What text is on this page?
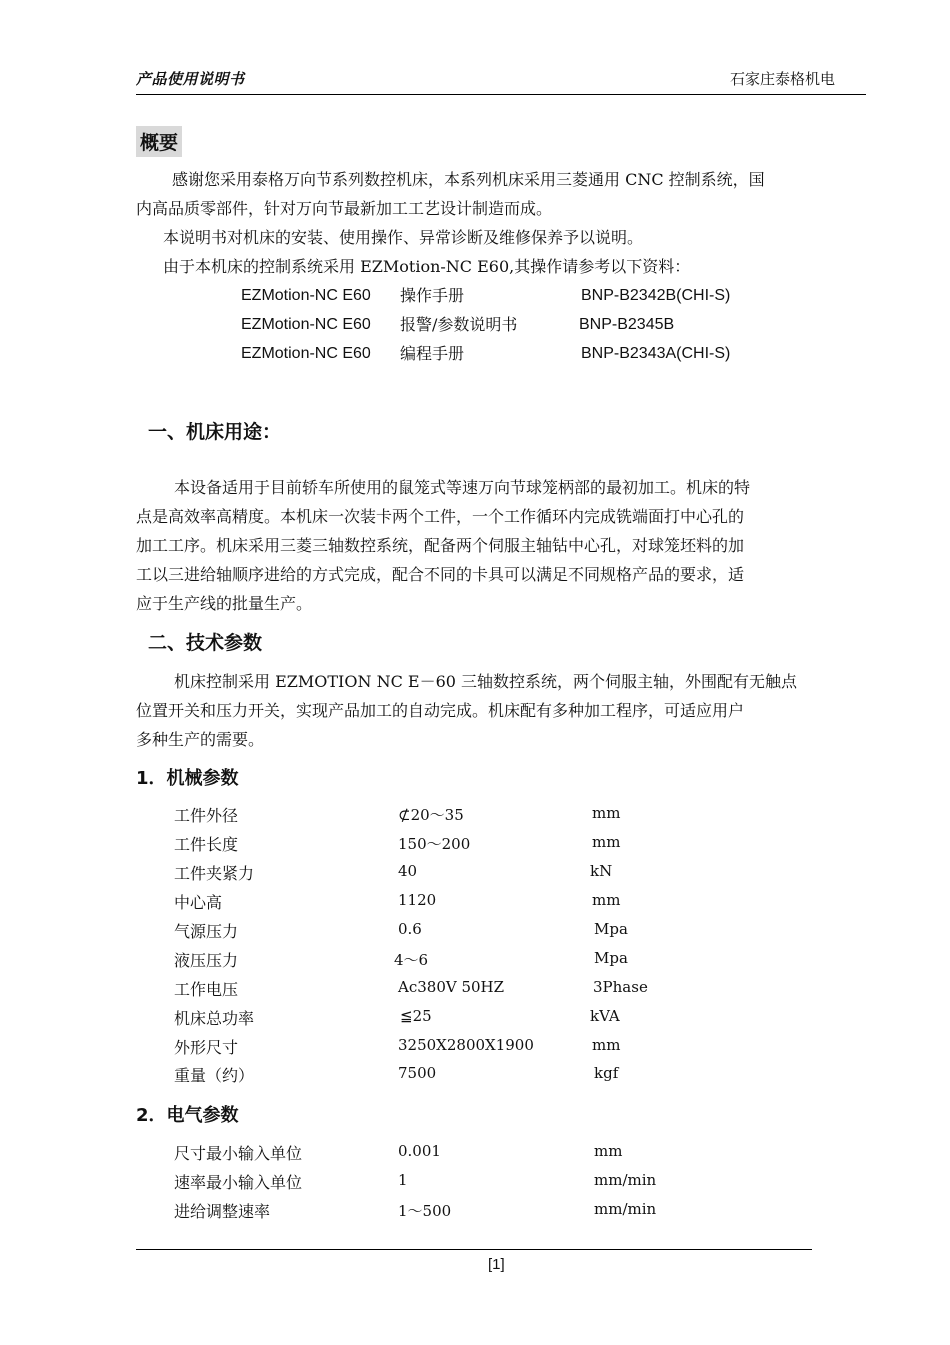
产品使用说明书	石家庄泰格机电
概要
感谢您采用泰格万向节系列数控机床，本系列机床采用三菱通用 CNC 控制系统，国
内高品质零部件，针对万向节最新加工工艺设计制造而成。
本说明书对机床的安装、使用操作、异常诊断及维修保养予以说明。
由于本机床的控制系统采用 EZMotion-NC E60,其操作请参考以下资料：
EZMotion-NC E60 操作手册	BNP-B2342B(CHI-S)
EZMotion-NC E60 报警/参数说明书	BNP-B2345B
EZMotion-NC E60 编程手册	BNP-B2343A(CHI-S)
一、机床用途：
本设备适用于目前轿车所使用的鼠笼式等速万向节球笼柄部的最初加工。机床的特
点是高效率高精度。本机床一次装卡两个工件，一个工作循环内完成铣端面打中心孔的
加工工序。机床采用三菱三轴数控系统，配备两个伺服主轴钻中心孔，对球笼坯料的加
工以三进给轴顺序进给的方式完成，配合不同的卡具可以满足不同规格产品的要求，适
应于生产线的批量生产。
二、技术参数
机床控制采用 EZMOTION NC E－60 三轴数控系统，两个伺服主轴，外围配有无触点
位置开关和压力开关，实现产品加工的自动完成。机床配有多种加工程序，可适应用户
多种生产的需要。
1．机械参数
工件外径	⊄20～35	mm
工件长度	150～200	mm
工件夹紧力	40	kN
中心高	1120	mm
气源压力	0.6	Mpa
液压压力	4～6	Mpa
工作电压	Ac380V 50HZ	3Phase
机床总功率	≦25	kVA
外形尺寸	3250X2800X1900	mm
重量（约）	7500	kgf
2．电气参数
尺寸最小输入单位	0.001	mm
速率最小输入单位	1	mm/min
进给调整速率	1～500	mm/min
[1]
